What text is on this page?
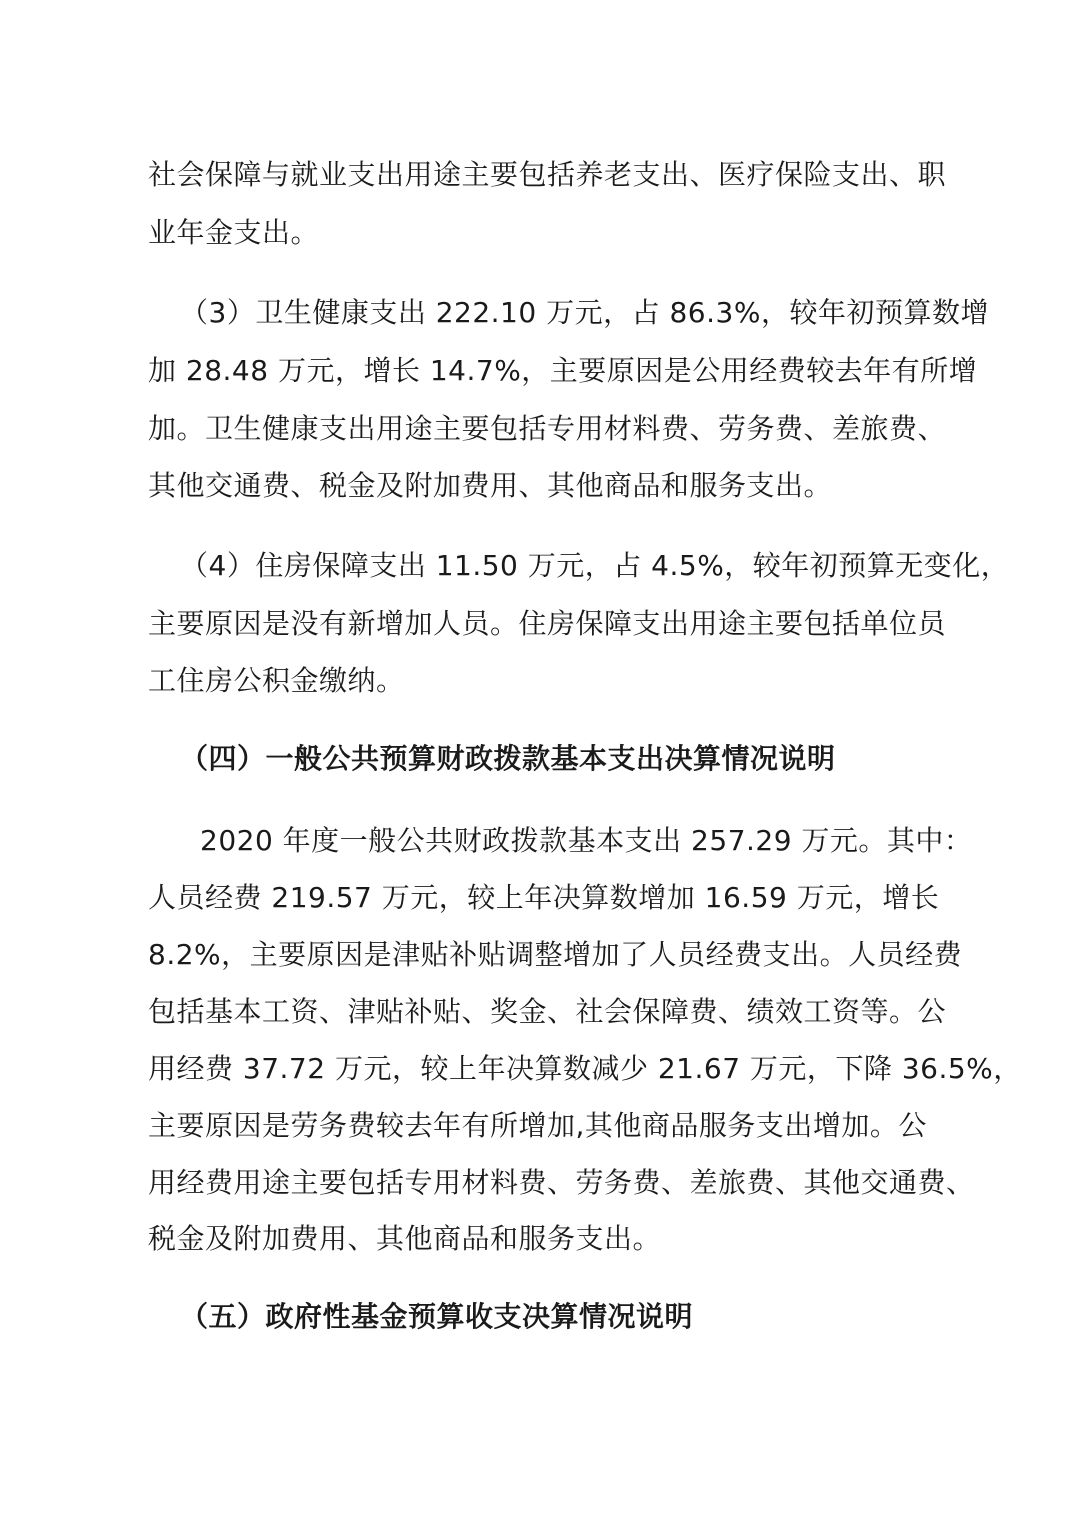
社会保障与就业支出用途主要包括养老支出、医疗保险支出、职
业年金支出。
（3）卫生健康支出 222.10 万元，占 86.3%，较年初预算数增
加 28.48 万元，增长 14.7%，主要原因是公用经费较去年有所增
加。卫生健康支出用途主要包括专用材料费、劳务费、差旅费、
其他交通费、税金及附加费用、其他商品和服务支出。
（4）住房保障支出 11.50 万元，占 4.5%，较年初预算无变化，
主要原因是没有新增加人员。住房保障支出用途主要包括单位员
工住房公积金缴纳。
（四）一般公共预算财政拨款基本支出决算情况说明
2020 年度一般公共财政拨款基本支出 257.29 万元。其中：
人员经费 219.57 万元，较上年决算数增加 16.59 万元，增长
8.2%，主要原因是津贴补贴调整增加了人员经费支出。人员经费
包括基本工资、津贴补贴、奖金、社会保障费、绩效工资等。公
用经费 37.72 万元，较上年决算数减少 21.67 万元，下降 36.5%，
主要原因是劳务费较去年有所增加,其他商品服务支出增加。公
用经费用途主要包括专用材料费、劳务费、差旅费、其他交通费、
税金及附加费用、其他商品和服务支出。
（五）政府性基金预算收支决算情况说明
